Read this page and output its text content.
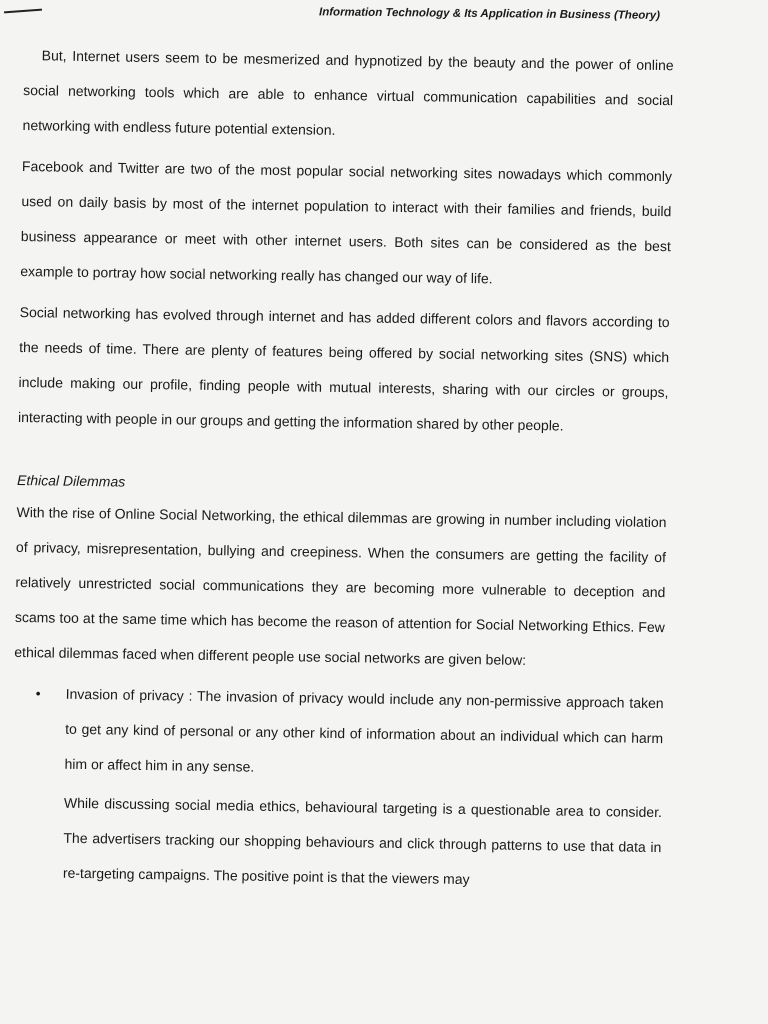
Information Technology & Its Application in Business (Theory)

But, Internet users seem to be mesmerized and hypnotized by the beauty and the power of online social networking tools which are able to enhance virtual communication capabilities and social networking with endless future potential extension.

Facebook and Twitter are two of the most popular social networking sites nowadays which commonly used on daily basis by most of the internet population to interact with their families and friends, build business appearance or meet with other internet users. Both sites can be considered as the best example to portray how social networking really has changed our way of life.

Social networking has evolved through internet and has added different colors and flavors according to the needs of time. There are plenty of features being offered by social networking sites (SNS) which include making our profile, finding people with mutual interests, sharing with our circles or groups, interacting with people in our groups and getting the information shared by other people.

Ethical Dilemmas

With the rise of Online Social Networking, the ethical dilemmas are growing in number including violation of privacy, misrepresentation, bullying and creepiness. When the consumers are getting the facility of relatively unrestricted social communications they are becoming more vulnerable to deception and scams too at the same time which has become the reason of attention for Social Networking Ethics. Few ethical dilemmas faced when different people use social networks are given below:

• Invasion of privacy : The invasion of privacy would include any non-permissive approach taken to get any kind of personal or any other kind of information about an individual which can harm him or affect him in any sense.

While discussing social media ethics, behavioural targeting is a questionable area to consider. The advertisers tracking our shopping behaviours and click through patterns to use that data in re-targeting campaigns. The positive point is that the viewers may
